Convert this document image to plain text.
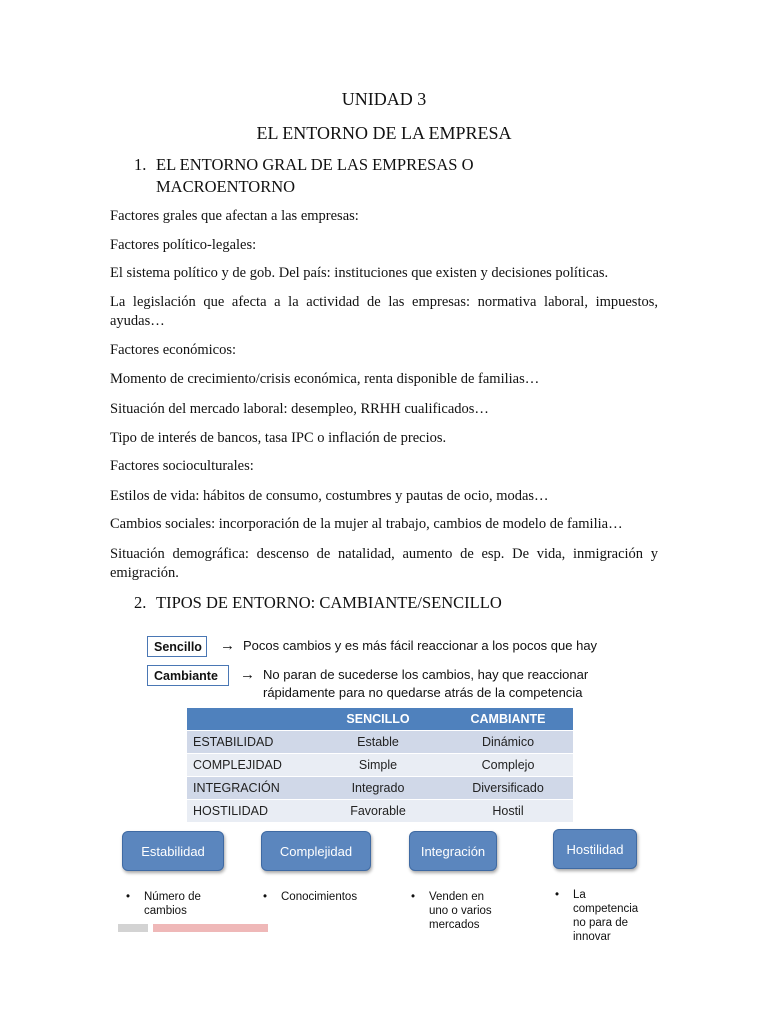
UNIDAD 3
EL ENTORNO DE LA EMPRESA
1. EL ENTORNO GRAL DE LAS EMPRESAS O
MACROENTORNO
Factores grales que afectan a las empresas:
Factores político-legales:
El sistema político y de gob. Del país: instituciones que existen y decisiones políticas.
La legislación que afecta a la actividad de las empresas: normativa laboral, impuestos, ayudas…
Factores económicos:
Momento de crecimiento/crisis económica, renta disponible de familias…
Situación del mercado laboral: desempleo, RRHH cualificados…
Tipo de interés de bancos, tasa IPC o inflación de precios.
Factores socioculturales:
Estilos de vida: hábitos de consumo, costumbres y pautas de ocio, modas…
Cambios sociales: incorporación de la mujer al trabajo, cambios de modelo de familia…
Situación demográfica: descenso de natalidad, aumento de esp. De vida, inmigración y emigración.
2. TIPOS DE ENTORNO: CAMBIANTE/SENCILLO
Sencillo	→ Pocos cambios y es más fácil reaccionar a los pocos que hay
Cambiante	→ No paran de sucederse los cambios, hay que reaccionar
rápidamente para no quedarse atrás de la competencia
	SENCILLO	CAMBIANTE
ESTABILIDAD	Estable	Dinámico
COMPLEJIDAD	Simple	Complejo
INTEGRACIÓN	Integrado	Diversificado
HOSTILIDAD	Favorable	Hostil
Estabilidad	Complejidad	Integración	Hostilidad
• Número de cambios
• Conocimientos	• Venden en uno o varios mercados
• La competencia no para de innovar
